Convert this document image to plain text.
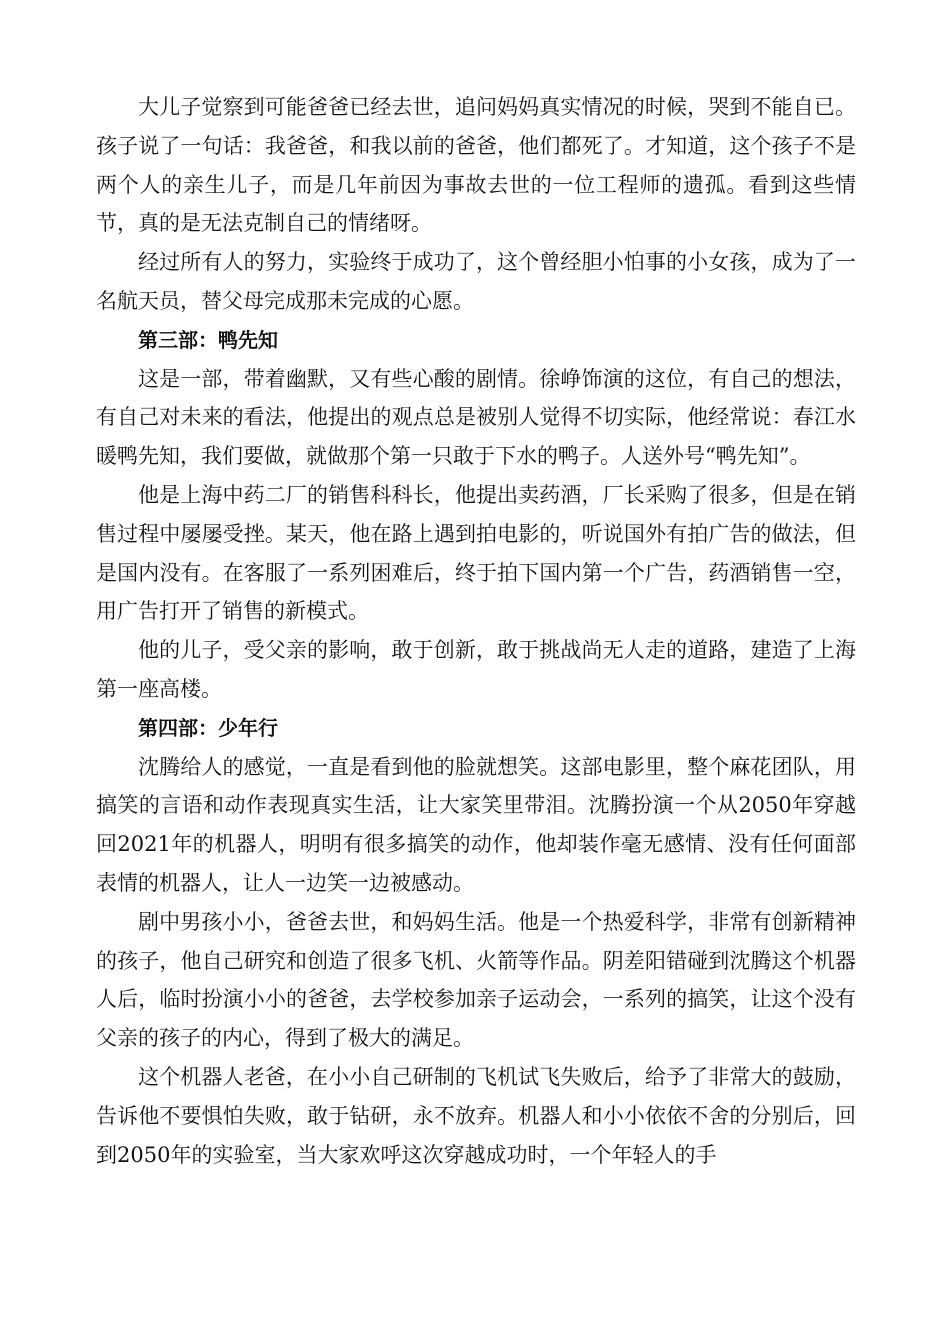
大儿子觉察到可能爸爸已经去世，追问妈妈真实情况的时候，哭到不能自已。孩子说了一句话：我爸爸，和我以前的爸爸，他们都死了。才知道，这个孩子不是两个人的亲生儿子，而是几年前因为事故去世的一位工程师的遗孤。看到这些情节，真的是无法克制自己的情绪呀。

经过所有人的努力，实验终于成功了，这个曾经胆小怕事的小女孩，成为了一名航天员，替父母完成那未完成的心愿。

第三部：鸭先知

这是一部，带着幽默，又有些心酸的剧情。徐峥饰演的这位，有自己的想法，有自己对未来的看法，他提出的观点总是被别人觉得不切实际，他经常说：春江水暖鸭先知，我们要做，就做那个第一只敢于下水的鸭子。人送外号“鸭先知”。

他是上海中药二厂的销售科科长，他提出卖药酒，厂长采购了很多，但是在销售过程中屡屡受挫。某天，他在路上遇到拍电影的，听说国外有拍广告的做法，但是国内没有。在客服了一系列困难后，终于拍下国内第一个广告，药酒销售一空，用广告打开了销售的新模式。

他的儿子，受父亲的影响，敢于创新，敢于挑战尚无人走的道路，建造了上海第一座高楼。

第四部：少年行

沈腾给人的感觉，一直是看到他的脸就想笑。这部电影里，整个麻花团队，用搞笑的言语和动作表现真实生活，让大家笑里带泪。沈腾扮演一个从2050年穿越回2021年的机器人，明明有很多搞笑的动作，他却装作毫无感情、没有任何面部表情的机器人，让人一边笑一边被感动。

剧中男孩小小，爸爸去世，和妈妈生活。他是一个热爱科学，非常有创新精神的孩子，他自己研究和创造了很多飞机、火箭等作品。阴差阳错碰到沈腾这个机器人后，临时扮演小小的爸爸，去学校参加亲子运动会，一系列的搞笑，让这个没有父亲的孩子的内心，得到了极大的满足。

这个机器人老爸，在小小自己研制的飞机试飞失败后，给予了非常大的鼓励，告诉他不要惧怕失败，敢于钻研，永不放弃。机器人和小小依依不舍的分别后，回到2050年的实验室，当大家欢呼这次穿越成功时，一个年轻人的手
